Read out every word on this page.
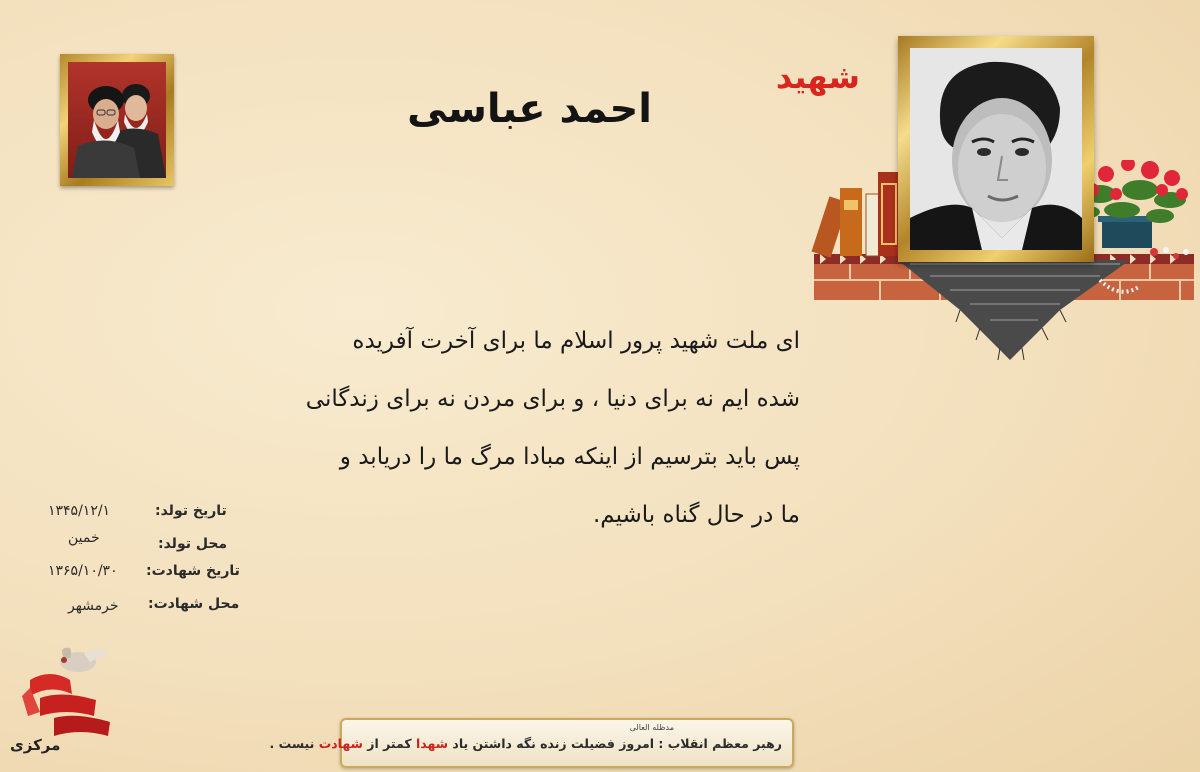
شهید
احمد عباسی

ای ملت شهید پرور اسلام ما برای آخرت آفریده

شده ایم نه برای دنیا ، و برای مردن نه برای زندگانی

پس باید بترسیم از اینکه مبادا مرگ ما را دریابد و

ما در حال گناه باشیم.

تاریخ تولد:
۱۳۴۵/۱۲/۱
محل تولد:
خمین
تاریخ شهادت:
۱۳۶۵/۱۰/۳۰
محل شهادت:
خرمشهر
مرکزی
مدظله العالی
رهبر معظم انقلاب : امروز فضیلت زنده نگه داشتن یاد شهدا کمتر از شهادت نیست .
